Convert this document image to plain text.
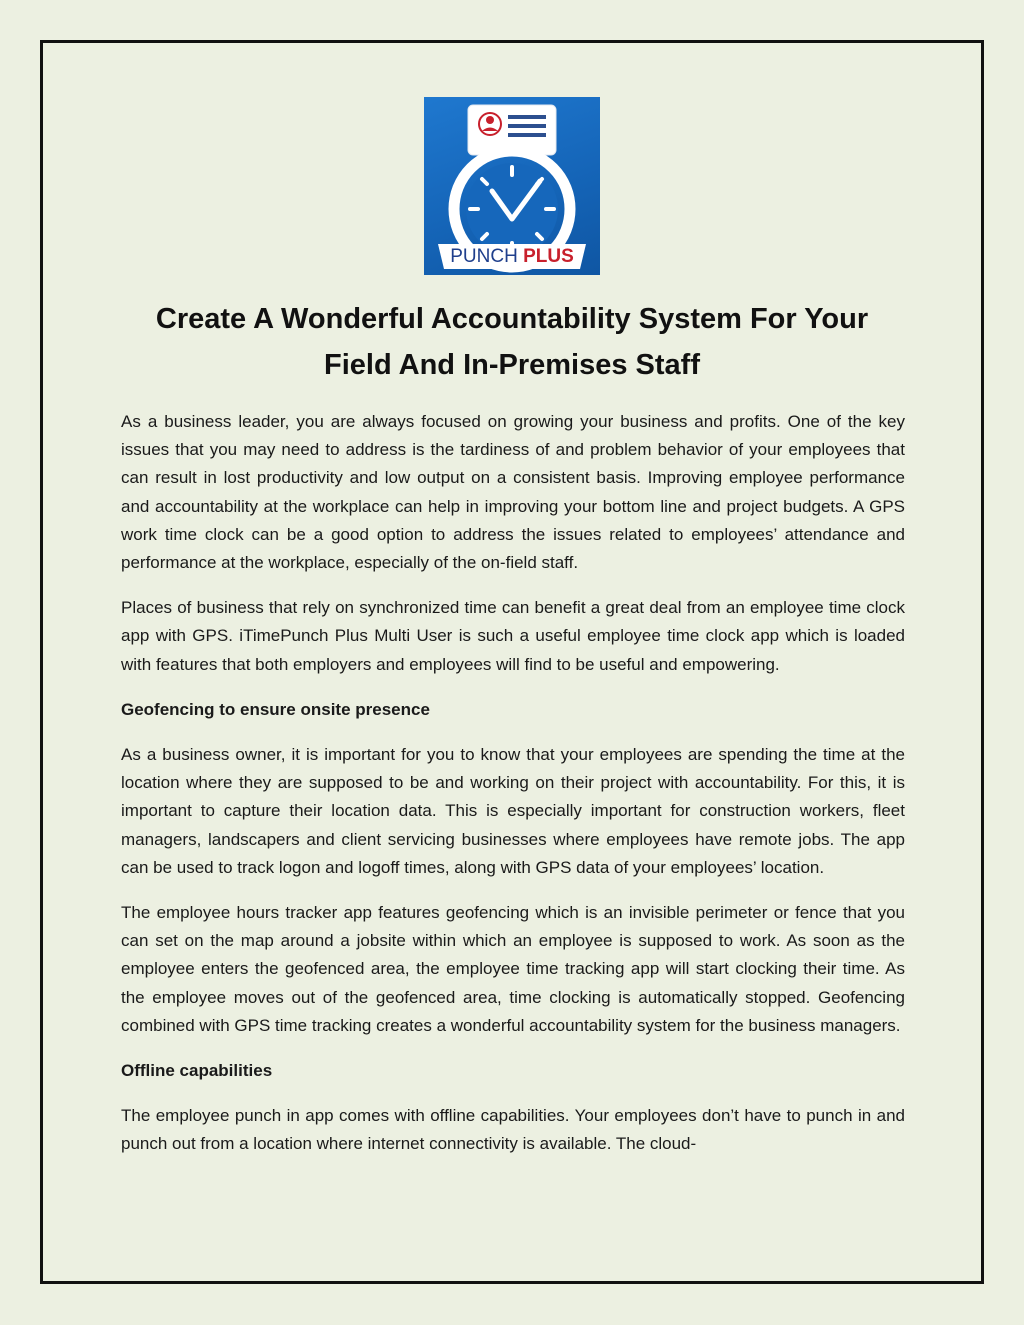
PUNCH PLUS
Create A Wonderful Accountability System For Your
Field And In-Premises Staff

As a business leader, you are always focused on growing your business and profits. One of the key issues that you may need to address is the tardiness of and problem behavior of your employees that can result in lost productivity and low output on a consistent basis. Improving employee performance and accountability at the workplace can help in improving your bottom line and project budgets. A GPS work time clock can be a good option to address the issues related to employees’ attendance and performance at the workplace, especially of the on-field staff.

Places of business that rely on synchronized time can benefit a great deal from an employee time clock app with GPS. iTimePunch Plus Multi User is such a useful employee time clock app which is loaded with features that both employers and employees will find to be useful and empowering.

Geofencing to ensure onsite presence

As a business owner, it is important for you to know that your employees are spending the time at the location where they are supposed to be and working on their project with accountability. For this, it is important to capture their location data. This is especially important for construction workers, fleet managers, landscapers and client servicing businesses where employees have remote jobs. The app can be used to track logon and logoff times, along with GPS data of your employees’ location.

The employee hours tracker app features geofencing which is an invisible perimeter or fence that you can set on the map around a jobsite within which an employee is supposed to work. As soon as the employee enters the geofenced area, the employee time tracking app will start clocking their time. As the employee moves out of the geofenced area, time clocking is automatically stopped. Geofencing combined with GPS time tracking creates a wonderful accountability system for the business managers.

Offline capabilities

The employee punch in app comes with offline capabilities. Your employees don’t have to punch in and punch out from a location where internet connectivity is available. The cloud-
